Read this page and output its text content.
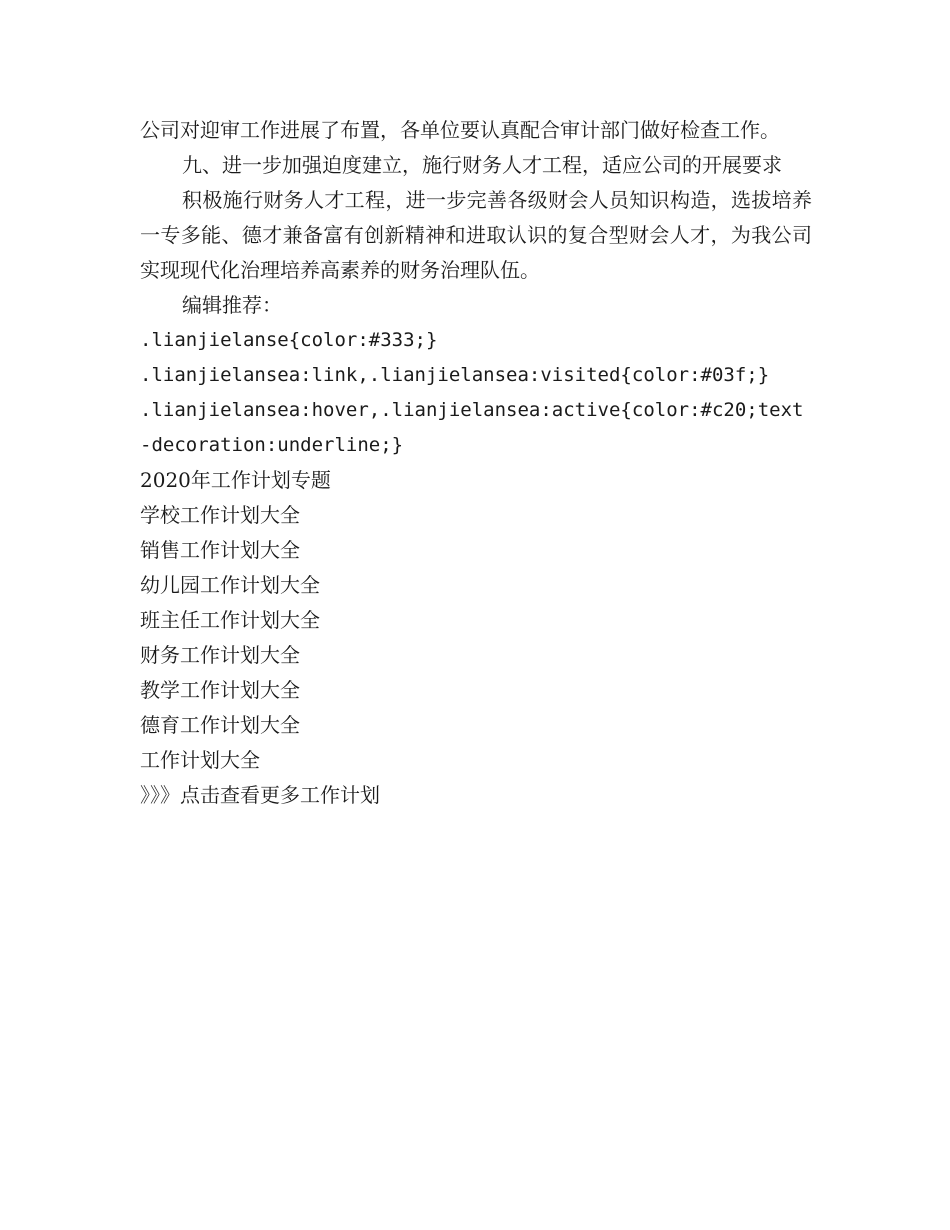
公司对迎审工作进展了布置，各单位要认真配合审计部门做好检查工作。

九、进一步加强迫度建立，施行财务人才工程，适应公司的开展要求

积极施行财务人才工程，进一步完善各级财会人员知识构造，选拔培养一专多能、德才兼备富有创新精神和进取认识的复合型财会人才，为我公司实现现代化治理培养高素养的财务治理队伍。

编辑推荐：

.lianjielanse{color:#333;}

.lianjielansea:link,.lianjielansea:visited{color:#03f;}

.lianjielansea:hover,.lianjielansea:active{color:#c20;text-decoration:underline;}

2020年工作计划专题
学校工作计划大全
销售工作计划大全
幼儿园工作计划大全
班主任工作计划大全
财务工作计划大全
教学工作计划大全
德育工作计划大全
工作计划大全
》》》点击查看更多工作计划
